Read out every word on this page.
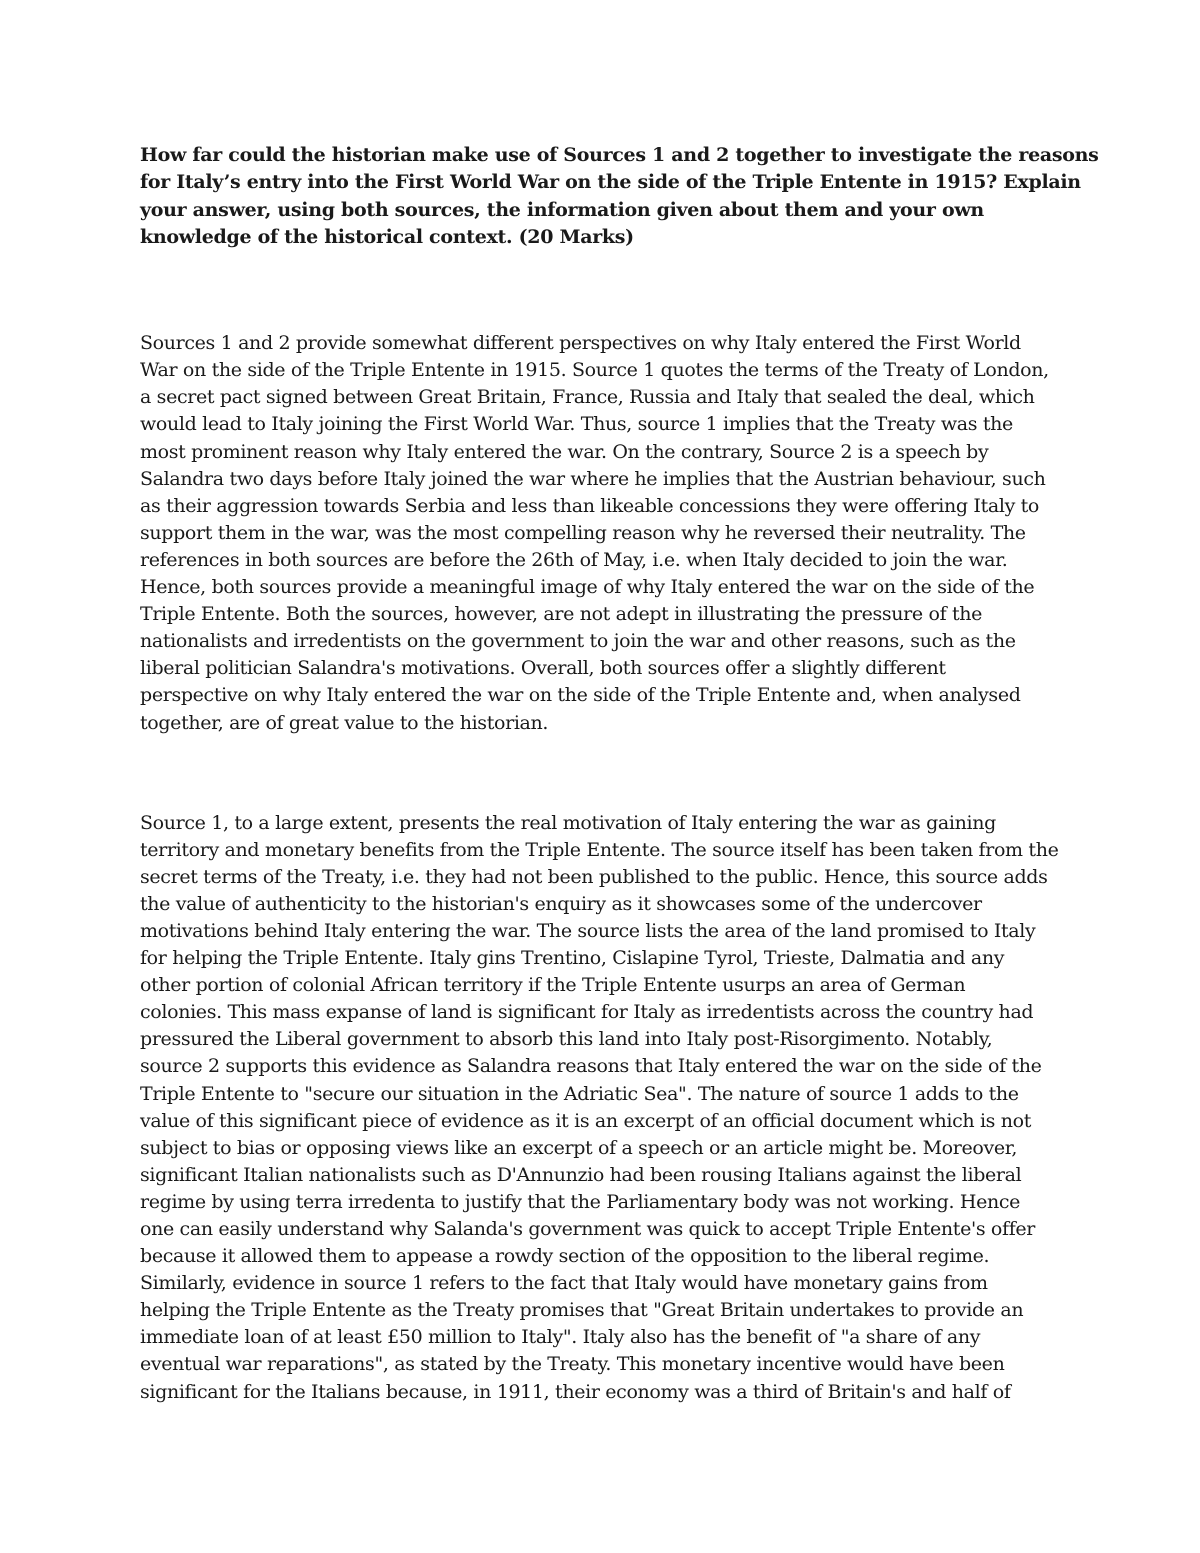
How far could the historian make use of Sources 1 and 2 together to investigate the reasons
for Italy’s entry into the First World War on the side of the Triple Entente in 1915? Explain
your answer, using both sources, the information given about them and your own
knowledge of the historical context. (20 Marks)

Sources 1 and 2 provide somewhat different perspectives on why Italy entered the First World
War on the side of the Triple Entente in 1915. Source 1 quotes the terms of the Treaty of London,
a secret pact signed between Great Britain, France, Russia and Italy that sealed the deal, which
would lead to Italy joining the First World War. Thus, source 1 implies that the Treaty was the
most prominent reason why Italy entered the war. On the contrary, Source 2 is a speech by
Salandra two days before Italy joined the war where he implies that the Austrian behaviour, such
as their aggression towards Serbia and less than likeable concessions they were offering Italy to
support them in the war, was the most compelling reason why he reversed their neutrality. The
references in both sources are before the 26th of May, i.e. when Italy decided to join the war.
Hence, both sources provide a meaningful image of why Italy entered the war on the side of the
Triple Entente. Both the sources, however, are not adept in illustrating the pressure of the
nationalists and irredentists on the government to join the war and other reasons, such as the
liberal politician Salandra's motivations. Overall, both sources offer a slightly different
perspective on why Italy entered the war on the side of the Triple Entente and, when analysed
together, are of great value to the historian.

Source 1, to a large extent, presents the real motivation of Italy entering the war as gaining
territory and monetary benefits from the Triple Entente. The source itself has been taken from the
secret terms of the Treaty, i.e. they had not been published to the public. Hence, this source adds
the value of authenticity to the historian's enquiry as it showcases some of the undercover
motivations behind Italy entering the war. The source lists the area of the land promised to Italy
for helping the Triple Entente. Italy gins Trentino, Cislapine Tyrol, Trieste, Dalmatia and any
other portion of colonial African territory if the Triple Entente usurps an area of German
colonies. This mass expanse of land is significant for Italy as irredentists across the country had
pressured the Liberal government to absorb this land into Italy post-Risorgimento. Notably,
source 2 supports this evidence as Salandra reasons that Italy entered the war on the side of the
Triple Entente to "secure our situation in the Adriatic Sea". The nature of source 1 adds to the
value of this significant piece of evidence as it is an excerpt of an official document which is not
subject to bias or opposing views like an excerpt of a speech or an article might be. Moreover,
significant Italian nationalists such as D'Annunzio had been rousing Italians against the liberal
regime by using terra irredenta to justify that the Parliamentary body was not working. Hence
one can easily understand why Salanda's government was quick to accept Triple Entente's offer
because it allowed them to appease a rowdy section of the opposition to the liberal regime.
Similarly, evidence in source 1 refers to the fact that Italy would have monetary gains from
helping the Triple Entente as the Treaty promises that "Great Britain undertakes to provide an
immediate loan of at least £50 million to Italy". Italy also has the benefit of "a share of any
eventual war reparations", as stated by the Treaty. This monetary incentive would have been
significant for the Italians because, in 1911, their economy was a third of Britain's and half of
